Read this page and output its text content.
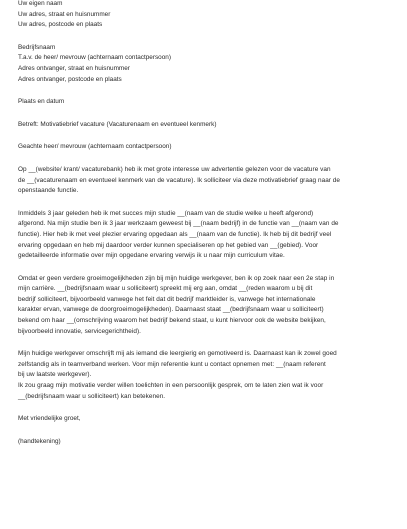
Uw eigen naam
Uw adres, straat en huisnummer
Uw adres, postcode en plaats
Bedrijfsnaam
T.a.v. de heer/ mevrouw (achternaam contactpersoon)
Adres ontvanger, straat en huisnummer
Adres ontvanger, postcode en plaats
Plaats en datum
Betreft: Motivatiebrief vacature (Vacaturenaam en eventueel kenmerk)
Geachte heer/ mevrouw (achternaam contactpersoon)
Op __(website/ krant/ vacaturebank) heb ik met grote interesse uw advertentie gelezen voor de vacature van
de __(vacaturenaam en eventueel kenmerk van de vacature). Ik solliciteer via deze motivatiebrief graag naar de
openstaande functie.
Inmiddels 3 jaar geleden heb ik met succes mijn studie __(naam van de studie welke u heeft afgerond)
afgerond. Na mijn studie ben ik 3 jaar werkzaam geweest bij __(naam bedrijf) in de functie van __(naam van de
functie). Hier heb ik met veel plezier ervaring opgedaan als __(naam van de functie). Ik heb bij dit bedrijf veel
ervaring opgedaan en heb mij daardoor verder kunnen specialiseren op het gebied van __(gebied). Voor
gedetailleerde informatie over mijn opgedane ervaring verwijs ik u naar mijn curriculum vitae.
Omdat er geen verdere groeimogelijkheden zijn bij mijn huidige werkgever, ben ik op zoek naar een 2e stap in
mijn carrière. __(bedrijfsnaam waar u solliciteert) spreekt mij erg aan, omdat __(reden waarom u bij dit
bedrijf solliciteert, bijvoorbeeld vanwege het feit dat dit bedrijf marktleider is, vanwege het internationale
karakter ervan, vanwege de doorgroeimogelijkheden). Daarnaast staat __(bedrijfsnaam waar u solliciteert)
bekend om haar __(omschrijving waarom het bedrijf bekend staat, u kunt hiervoor ook de website bekijken,
bijvoorbeeld innovatie, servicegerichtheid).
Mijn huidige werkgever omschrijft mij als iemand die leergierig en gemotiveerd is. Daarnaast kan ik zowel goed
zelfstandig als in teamverband werken. Voor mijn referentie kunt u contact opnemen met: __(naam referent
bij uw laatste werkgever).
Ik zou graag mijn motivatie verder willen toelichten in een persoonlijk gesprek, om te laten zien wat ik voor
__(bedrijfsnaam waar u solliciteert) kan betekenen.
Met vriendelijke groet,
(handtekening)
